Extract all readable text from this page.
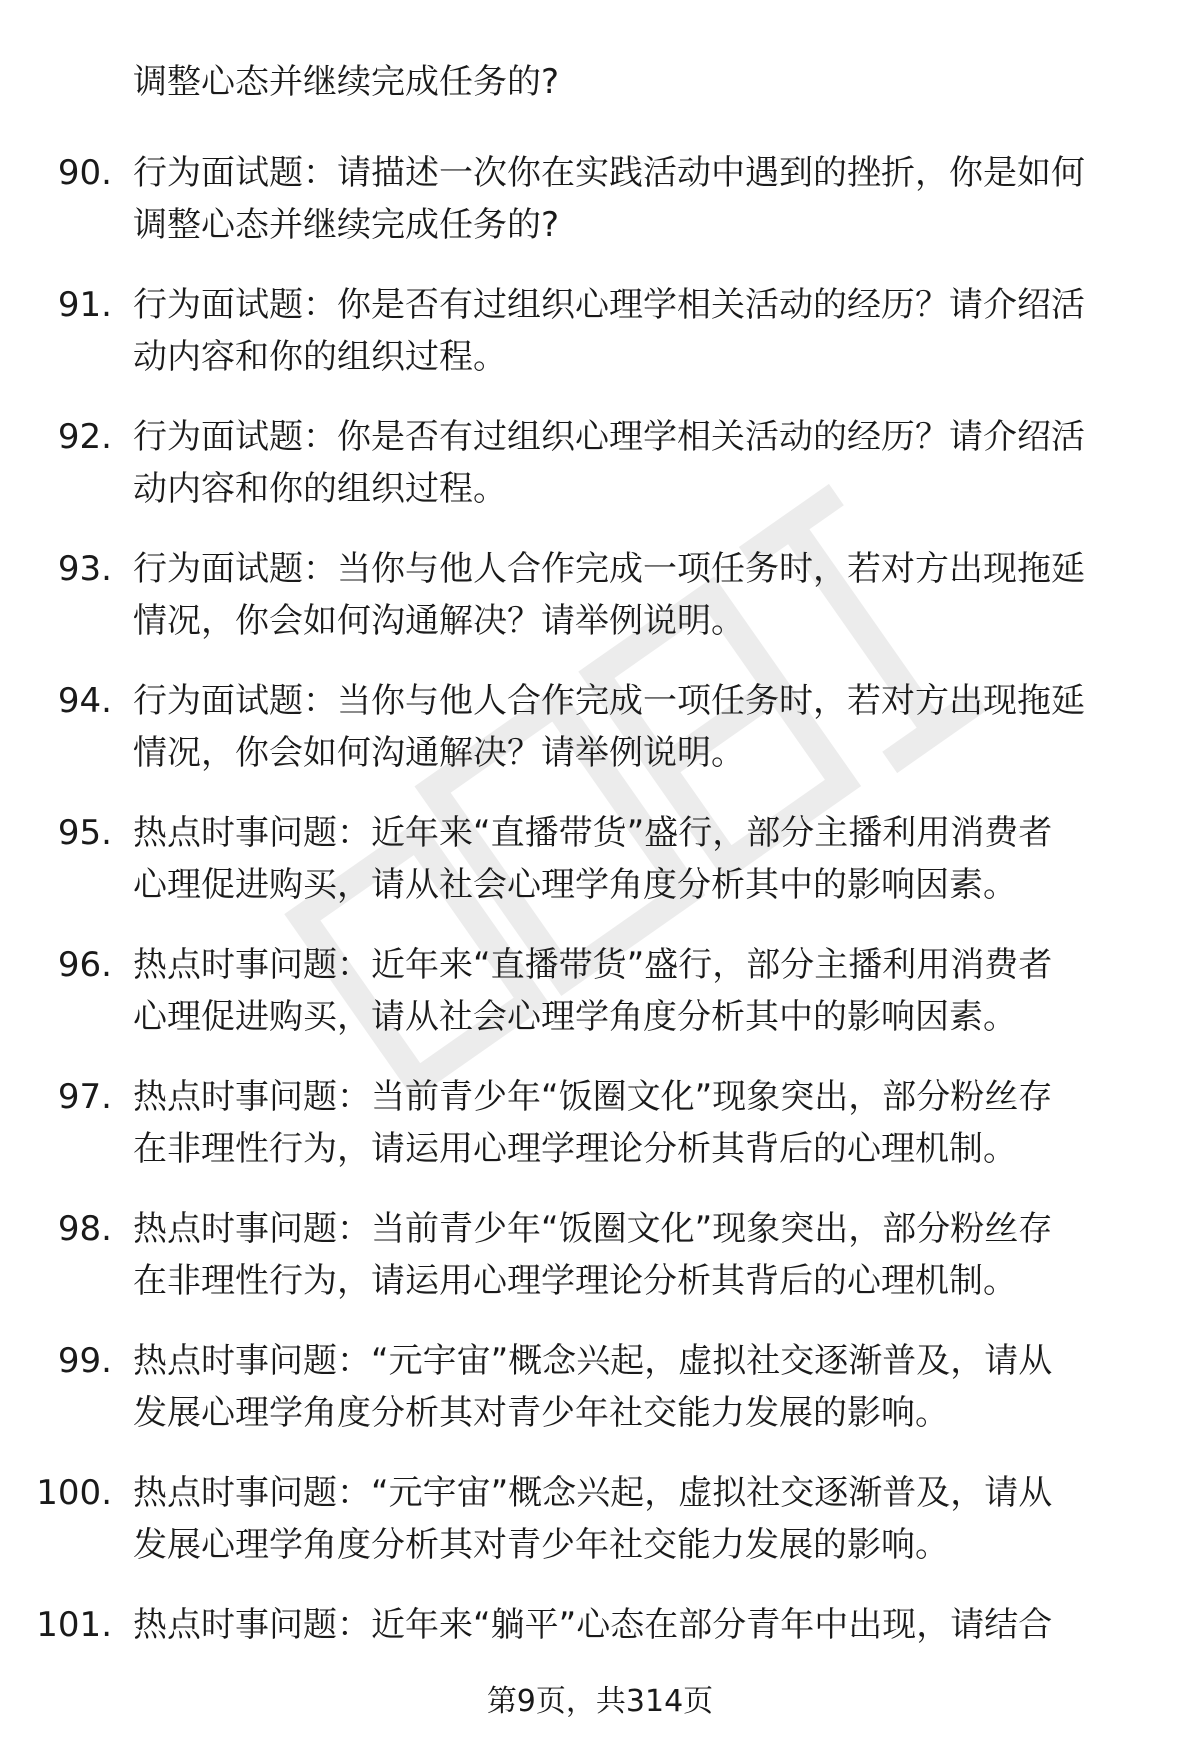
调整心态并继续完成任务的?
90. 行为面试题：请描述一次你在实践活动中遇到的挫折，你是如何
调整心态并继续完成任务的?
91. 行为面试题：你是否有过组织心理学相关活动的经历？请介绍活
动内容和你的组织过程。
92. 行为面试题：你是否有过组织心理学相关活动的经历？请介绍活
动内容和你的组织过程。
93. 行为面试题：当你与他人合作完成一项任务时，若对方出现拖延
情况，你会如何沟通解决？请举例说明。
94. 行为面试题：当你与他人合作完成一项任务时，若对方出现拖延
情况，你会如何沟通解决？请举例说明。
95. 热点时事问题：近年来“直播带货”盛行，部分主播利用消费者
心理促进购买，请从社会心理学角度分析其中的影响因素。
96. 热点时事问题：近年来“直播带货”盛行，部分主播利用消费者
心理促进购买，请从社会心理学角度分析其中的影响因素。
97. 热点时事问题：当前青少年“饭圈文化”现象突出，部分粉丝存
在非理性行为，请运用心理学理论分析其背后的心理机制。
98. 热点时事问题：当前青少年“饭圈文化”现象突出，部分粉丝存
在非理性行为，请运用心理学理论分析其背后的心理机制。
99. 热点时事问题：“元宇宙”概念兴起，虚拟社交逐渐普及，请从
发展心理学角度分析其对青少年社交能力发展的影响。
100. 热点时事问题：“元宇宙”概念兴起，虚拟社交逐渐普及，请从
发展心理学角度分析其对青少年社交能力发展的影响。
101. 热点时事问题：近年来“躺平”心态在部分青年中出现，请结合
第9页，共314页
